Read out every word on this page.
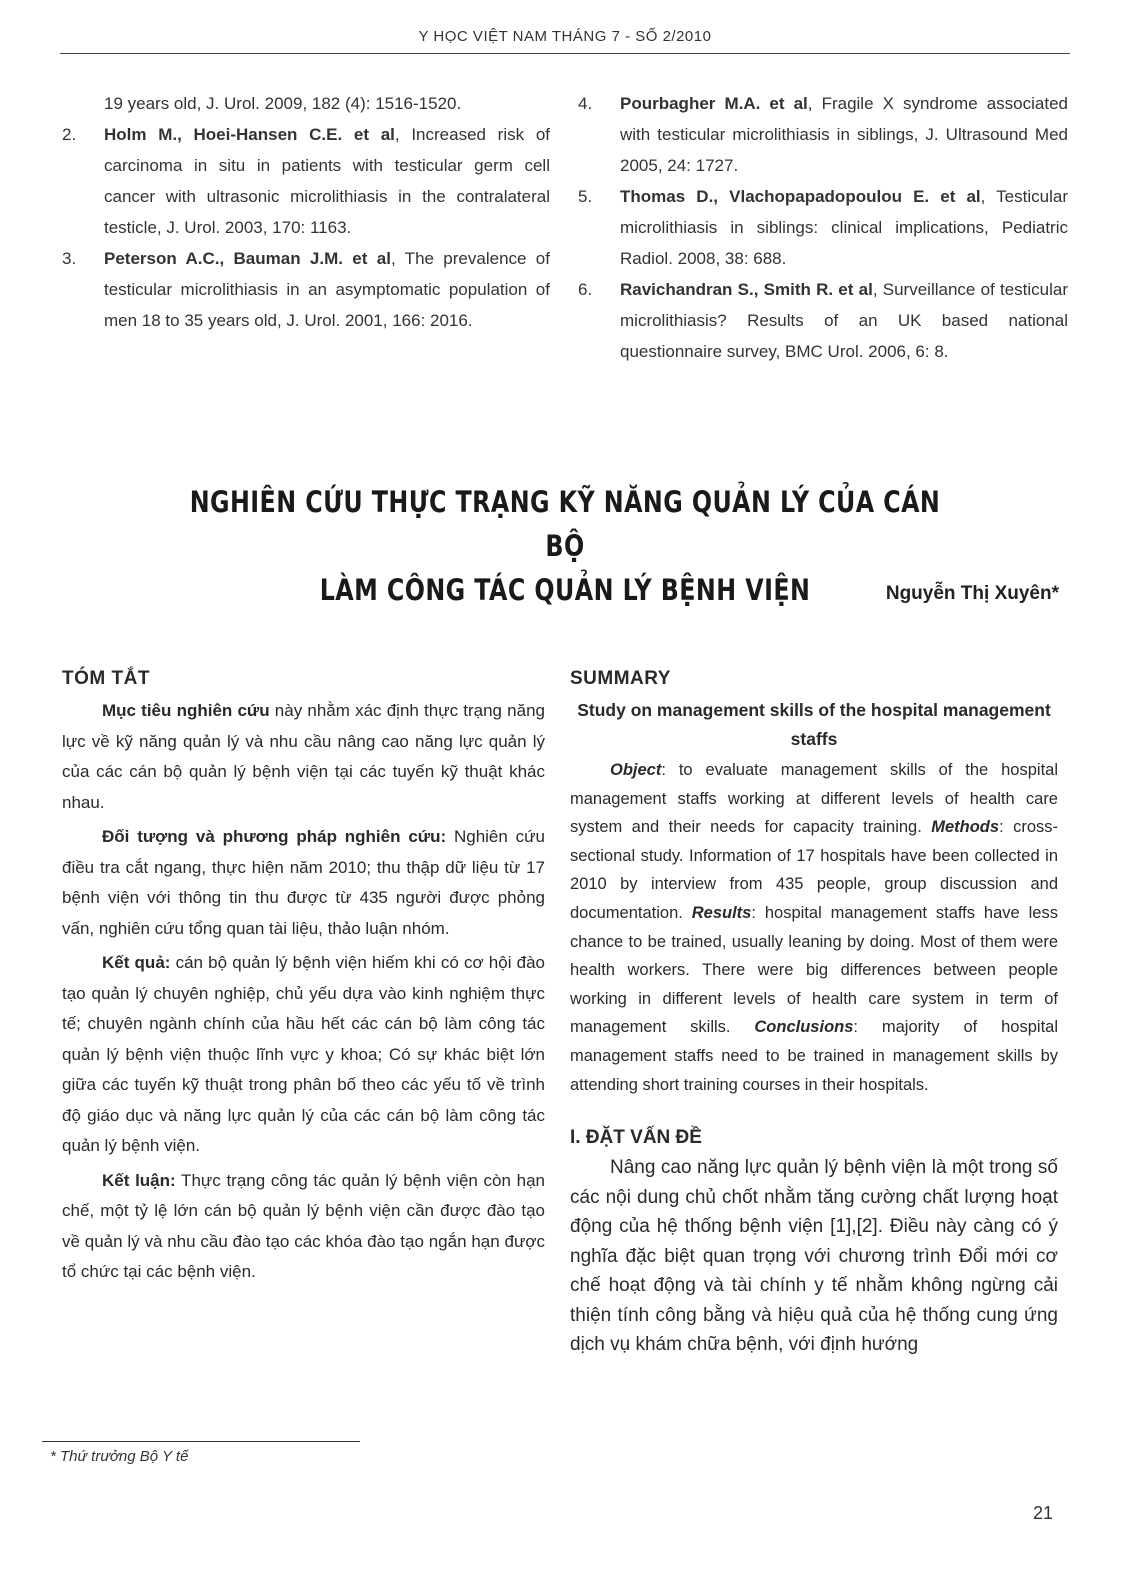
Y HỌC VIỆT NAM THÁNG 7 - SỐ 2/2010
19 years old, J. Urol. 2009, 182 (4): 1516-1520.
2.	Holm M., Hoei-Hansen C.E. et al, Increased risk of carcinoma in situ in patients with testicular germ cell cancer with ultrasonic microlithiasis in the contralateral testicle, J. Urol. 2003, 170: 1163.
3.	Peterson A.C., Bauman J.M. et al, The prevalence of testicular microlithiasis in an asymptomatic population of men 18 to 35 years old, J. Urol. 2001, 166: 2016.
4.	Pourbagher M.A. et al, Fragile X syndrome associated with testicular microlithiasis in siblings, J. Ultrasound Med 2005, 24: 1727.
5.	Thomas D., Vlachopapadopoulou E. et al, Testicular microlithiasis in siblings: clinical implications, Pediatric Radiol. 2008, 38: 688.
6.	Ravichandran S., Smith R. et al, Surveillance of testicular microlithiasis? Results of an UK based national questionnaire survey, BMC Urol. 2006, 6: 8.
NGHIÊN CỨU THỰC TRẠNG KỸ NĂNG QUẢN LÝ CỦA CÁN BỘ
LÀM CÔNG TÁC QUẢN LÝ BỆNH VIỆN	Nguyễn Thị Xuyên*
TÓM TẮT

Mục tiêu nghiên cứu này nhằm xác định thực trạng năng lực về kỹ năng quản lý và nhu cầu nâng cao năng lực quản lý của các cán bộ quản lý bệnh viện tại các tuyến kỹ thuật khác nhau.

Đối tượng và phương pháp nghiên cứu: Nghiên cứu điều tra cắt ngang, thực hiện năm 2010; thu thập dữ liệu từ 17 bệnh viện với thông tin thu được từ 435 người được phỏng vấn, nghiên cứu tổng quan tài liệu, thảo luận nhóm.

Kết quả: cán bộ quản lý bệnh viện hiếm khi có cơ hội đào tạo quản lý chuyên nghiệp, chủ yếu dựa vào kinh nghiệm thực tế; chuyên ngành chính của hầu hết các cán bộ làm công tác quản lý bệnh viện thuộc lĩnh vực y khoa; Có sự khác biệt lớn giữa các tuyến kỹ thuật trong phân bố theo các yếu tố về trình độ giáo dục và năng lực quản lý của các cán bộ làm công tác quản lý bệnh viện.

Kết luận: Thực trạng công tác quản lý bệnh viện còn hạn chế, một tỷ lệ lớn cán bộ quản lý bệnh viện cần được đào tạo về quản lý và nhu cầu đào tạo các khóa đào tạo ngắn hạn được tổ chức tại các bệnh viện.

SUMMARY
Study on management skills of the hospital management staffs

Object: to evaluate management skills of the hospital management staffs working at different levels of health care system and their needs for capacity training. Methods: cross-sectional study. Information of 17 hospitals have been collected in 2010 by interview from 435 people, group discussion and documentation. Results: hospital management staffs have less chance to be trained, usually leaning by doing. Most of them were health workers. There were big differences between people working in different levels of health care system in term of management skills. Conclusions: majority of hospital management staffs need to be trained in management skills by attending short training courses in their hospitals.

I. ĐẶT VẤN ĐỀ

Nâng cao năng lực quản lý bệnh viện là một trong số các nội dung chủ chốt nhằm tăng cường chất lượng hoạt động của hệ thống bệnh viện [1],[2]. Điều này càng có ý nghĩa đặc biệt quan trọng với chương trình Đổi mới cơ chế hoạt động và tài chính y tế nhằm không ngừng cải thiện tính công bằng và hiệu quả của hệ thống cung ứng dịch vụ khám chữa bệnh, với định hướng

* Thứ trưởng Bộ Y tế
21
